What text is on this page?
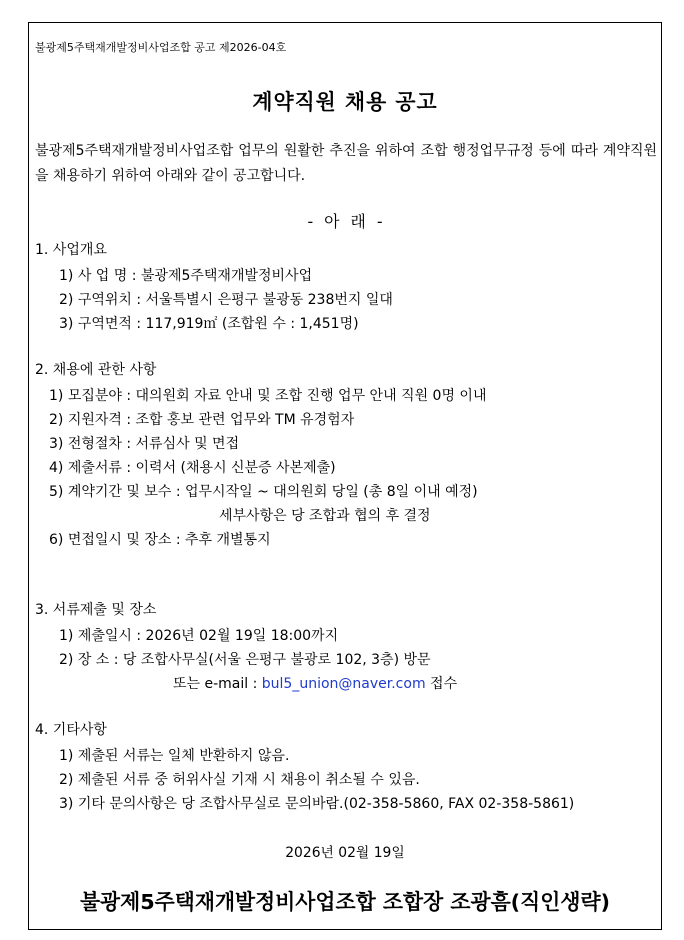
불광제5주택재개발정비사업조합 공고 제2026-04호
계약직원 채용 공고
불광제5주택재개발정비사업조합 업무의 원활한 추진을 위하여 조합 행정업무규정 등에 따라 계약직원을 채용하기 위하여 아래와 같이 공고합니다.
- 아 래 -
1. 사업개요
1) 사 업 명 : 불광제5주택재개발정비사업
2) 구역위치 : 서울특별시 은평구 불광동 238번지 일대
3) 구역면적 : 117,919㎡ (조합원 수 : 1,451명)
2. 채용에 관한 사항
1) 모집분야 : 대의원회 자료 안내 및 조합 진행 업무 안내 직원 0명 이내
2) 지원자격 : 조합 홍보 관련 업무와 TM 유경험자
3) 전형절차 : 서류심사 및 면접
4) 제출서류 : 이력서 (채용시 신분증 사본제출)
5) 계약기간 및 보수 : 업무시작일 ~ 대의원회 당일 (총 8일 이내 예정)
세부사항은 당 조합과 협의 후 결정
6) 면접일시 및 장소 : 추후 개별통지
3. 서류제출 및 장소
1) 제출일시 : 2026년 02월 19일 18:00까지
2) 장 소 : 당 조합사무실(서울 은평구 불광로 102, 3층) 방문
또는 e-mail : bul5_union@naver.com 접수
4. 기타사항
1) 제출된 서류는 일체 반환하지 않음.
2) 제출된 서류 중 허위사실 기재 시 채용이 취소될 수 있음.
3) 기타 문의사항은 당 조합사무실로 문의바람.(02-358-5860, FAX 02-358-5861)
2026년 02월 19일
불광제5주택재개발정비사업조합 조합장 조광흠(직인생략)
